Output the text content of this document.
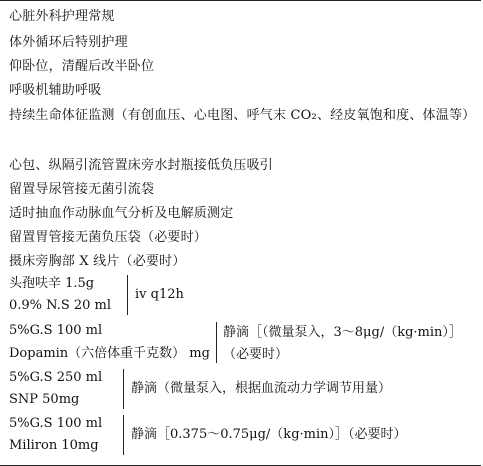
心脏外科护理常规
体外循环后特别护理
仰卧位，清醒后改半卧位
呼吸机辅助呼吸
持续生命体征监测（有创血压、心电图、呼气末 CO₂、经皮氧饱和度、体温等）
心包、纵隔引流管置床旁水封瓶接低负压吸引
留置导尿管接无菌引流袋
适时抽血作动脉血气分析及电解质测定
留置胃管接无菌负压袋（必要时）
摄床旁胸部 X 线片（必要时）
头孢呋辛 1.5g
0.9% N.S 20 ml
iv q12h
5%G.S 100 ml
Dopamin（六倍体重千克数） mg
静滴［（微量泵入，3～8μg/（kg·min）］（必要时）
5%G.S 250 ml
SNP 50mg
静滴（微量泵入，根据血流动力学调节用量）
5%G.S 100 ml
Miliron 10mg
静滴［0.375～0.75μg/（kg·min）］（必要时）
